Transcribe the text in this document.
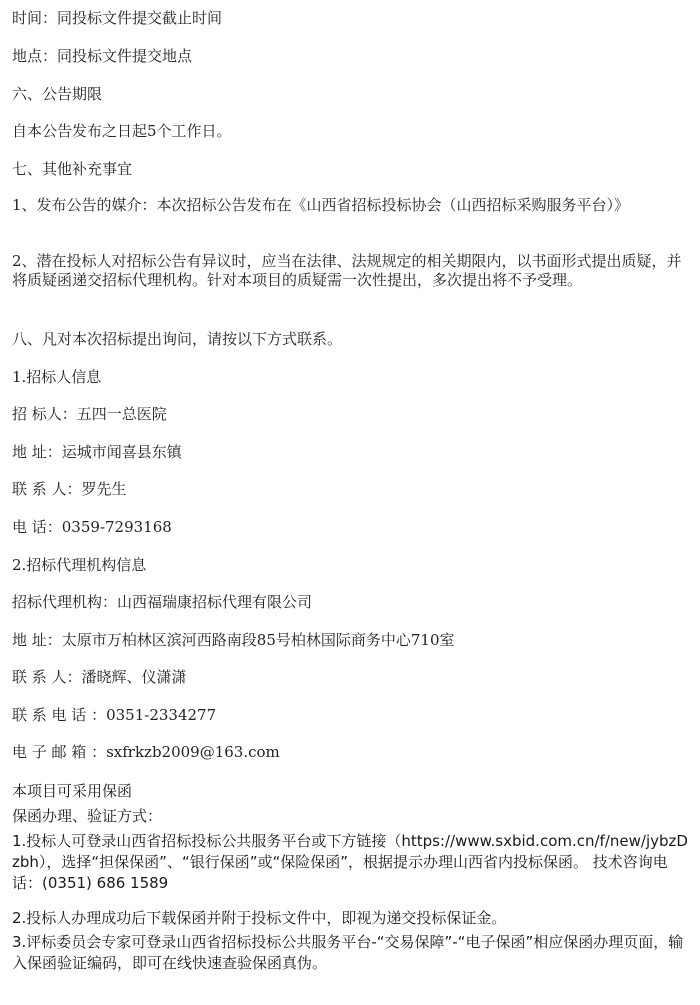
时间：同投标文件提交截止时间
地点：同投标文件提交地点
六、公告期限
自本公告发布之日起5个工作日。
七、其他补充事宜
1、发布公告的媒介：本次招标公告发布在《山西省招标投标协会（山西招标采购服务平台）》
2、潜在投标人对招标公告有异议时，应当在法律、法规规定的相关期限内，以书面形式提出质疑，并将质疑函递交招标代理机构。针对本项目的质疑需一次性提出，多次提出将不予受理。
八、凡对本次招标提出询问，请按以下方式联系。
1.招标人信息
招 标人：五四一总医院
地 址：运城市闻喜县东镇
联 系 人：罗先生
电 话：0359-7293168
2.招标代理机构信息
招标代理机构：山西福瑞康招标代理有限公司
地 址：太原市万柏林区滨河西路南段85号柏林国际商务中心710室
联 系 人：潘晓辉、仪潇潇
联 系 电 话 ：0351-2334277
电 子 邮 箱 ：sxfrkzb2009@163.com
本项目可采用保函
保函办理、验证方式：
1.投标人可登录山西省招标投标公共服务平台或下方链接（https://www.sxbid.com.cn/f/new/jybzDzbh），选择“担保保函”、“银行保函”或“保险保函”，根据提示办理山西省内投标保函。 技术咨询电话：(0351) 686 1589
2.投标人办理成功后下载保函并附于投标文件中，即视为递交投标保证金。
3.评标委员会专家可登录山西省招标投标公共服务平台-“交易保障”-“电子保函”相应保函办理页面，输入保函验证编码，即可在线快速查验保函真伪。
